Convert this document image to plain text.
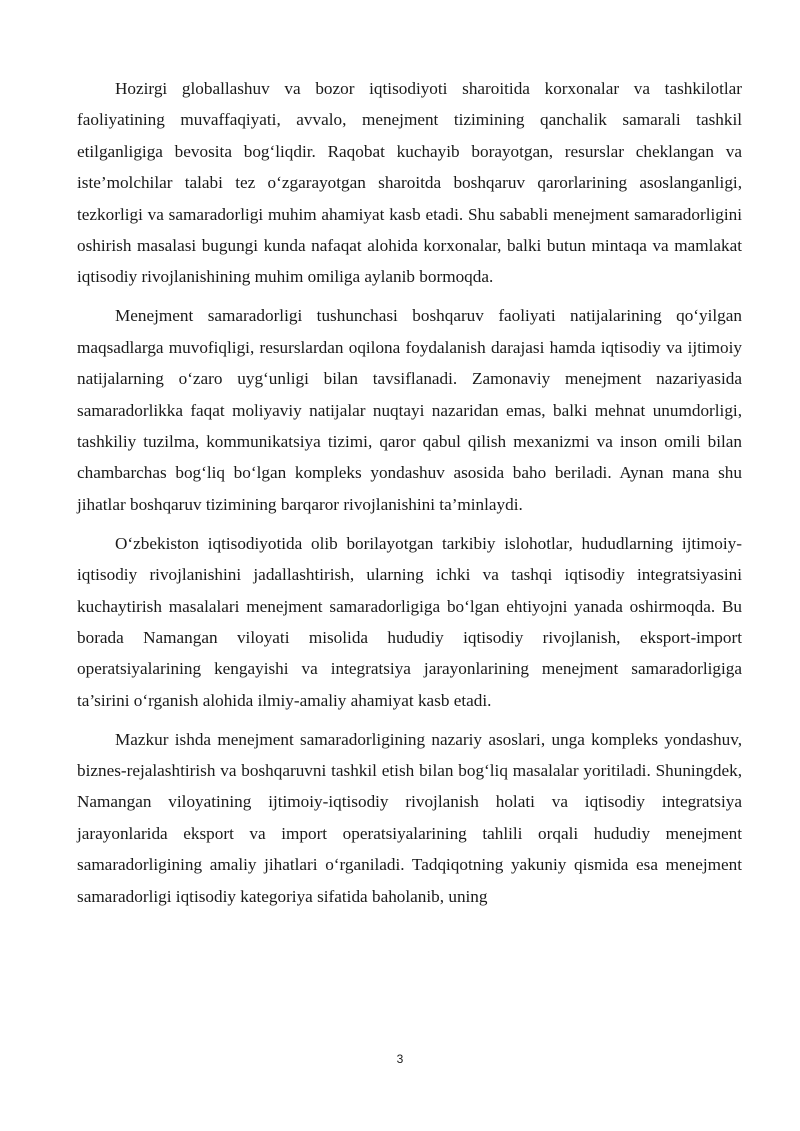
Hozirgi globallashuv va bozor iqtisodiyoti sharoitida korxonalar va tashkilotlar faoliyatining muvaffaqiyati, avvalo, menejment tizimining qanchalik samarali tashkil etilganligiga bevosita bog‘liqdir. Raqobat kuchayib borayotgan, resurslar cheklangan va iste’molchilar talabi tez o‘zgarayotgan sharoitda boshqaruv qarorlarining asoslanganligi, tezkorligi va samaradorligi muhim ahamiyat kasb etadi. Shu sababli menejment samaradorligini oshirish masalasi bugungi kunda nafaqat alohida korxonalar, balki butun mintaqa va mamlakat iqtisodiy rivojlanishining muhim omiliga aylanib bormoqda.

Menejment samaradorligi tushunchasi boshqaruv faoliyati natijalarining qo‘yilgan maqsadlarga muvofiqligi, resurslardan oqilona foydalanish darajasi hamda iqtisodiy va ijtimoiy natijalarning o‘zaro uyg‘unligi bilan tavsiflanadi. Zamonaviy menejment nazariyasida samaradorlikka faqat moliyaviy natijalar nuqtayi nazaridan emas, balki mehnat unumdorligi, tashkiliy tuzilma, kommunikatsiya tizimi, qaror qabul qilish mexanizmi va inson omili bilan chambarchas bog‘liq bo‘lgan kompleks yondashuv asosida baho beriladi. Aynan mana shu jihatlar boshqaruv tizimining barqaror rivojlanishini ta’minlaydi.

O‘zbekiston iqtisodiyotida olib borilayotgan tarkibiy islohotlar, hududlarning ijtimoiy-iqtisodiy rivojlanishini jadallashtirish, ularning ichki va tashqi iqtisodiy integratsiyasini kuchaytirish masalalari menejment samaradorligiga bo‘lgan ehtiyojni yanada oshirmoqda. Bu borada Namangan viloyati misolida hududiy iqtisodiy rivojlanish, eksport-import operatsiyalarining kengayishi va integratsiya jarayonlarining menejment samaradorligiga ta’sirini o‘rganish alohida ilmiy-amaliy ahamiyat kasb etadi.

Mazkur ishda menejment samaradorligining nazariy asoslari, unga kompleks yondashuv, biznes-rejalashtirish va boshqaruvni tashkil etish bilan bog‘liq masalalar yoritiladi. Shuningdek, Namangan viloyatining ijtimoiy-iqtisodiy rivojlanish holati va iqtisodiy integratsiya jarayonlarida eksport va import operatsiyalarining tahlili orqali hududiy menejment samaradorligining amaliy jihatlari o‘rganiladi. Tadqiqotning yakuniy qismida esa menejment samaradorligi iqtisodiy kategoriya sifatida baholanib, uning

3
